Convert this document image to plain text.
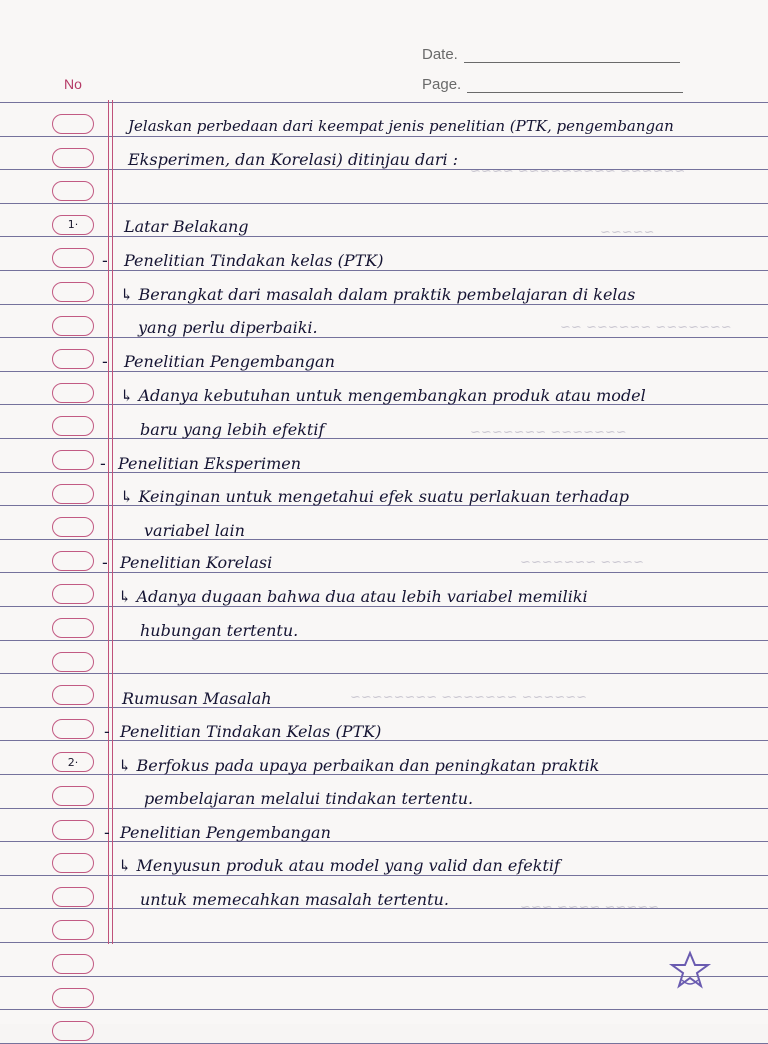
No
Date.
Page.
1·
2·
~~~~~~ ~~~~~~~~~ ~~~~
~~~~~
~~~~~~~ ~~~~~~ ~~
~~~~~~~ ~~~~~~~
~~~~ ~~~~~~~
~~~~~~ ~~~~~~~ ~~~~~~~~
~~~~~ ~~~~ ~~~
Jelaskan perbedaan dari keempat jenis penelitian (PTK, pengembangan
Eksperimen, dan Korelasi) ditinjau dari :
Latar Belakang
- Penelitian Tindakan kelas (PTK)
↳ Berangkat dari masalah dalam praktik pembelajaran di kelas
yang perlu diperbaiki.
- Penelitian Pengembangan
↳ Adanya kebutuhan untuk mengembangkan produk atau model
baru yang lebih efektif
- Penelitian Eksperimen
↳ Keinginan untuk mengetahui efek suatu perlakuan terhadap
variabel lain
- Penelitian Korelasi
↳ Adanya dugaan bahwa dua atau lebih variabel memiliki
hubungan tertentu.
Rumusan Masalah
- Penelitian Tindakan Kelas (PTK)
↳ Berfokus pada upaya perbaikan dan peningkatan praktik
pembelajaran melalui tindakan tertentu.
- Penelitian Pengembangan
↳ Menyusun produk atau model yang valid dan efektif
untuk memecahkan masalah tertentu.
